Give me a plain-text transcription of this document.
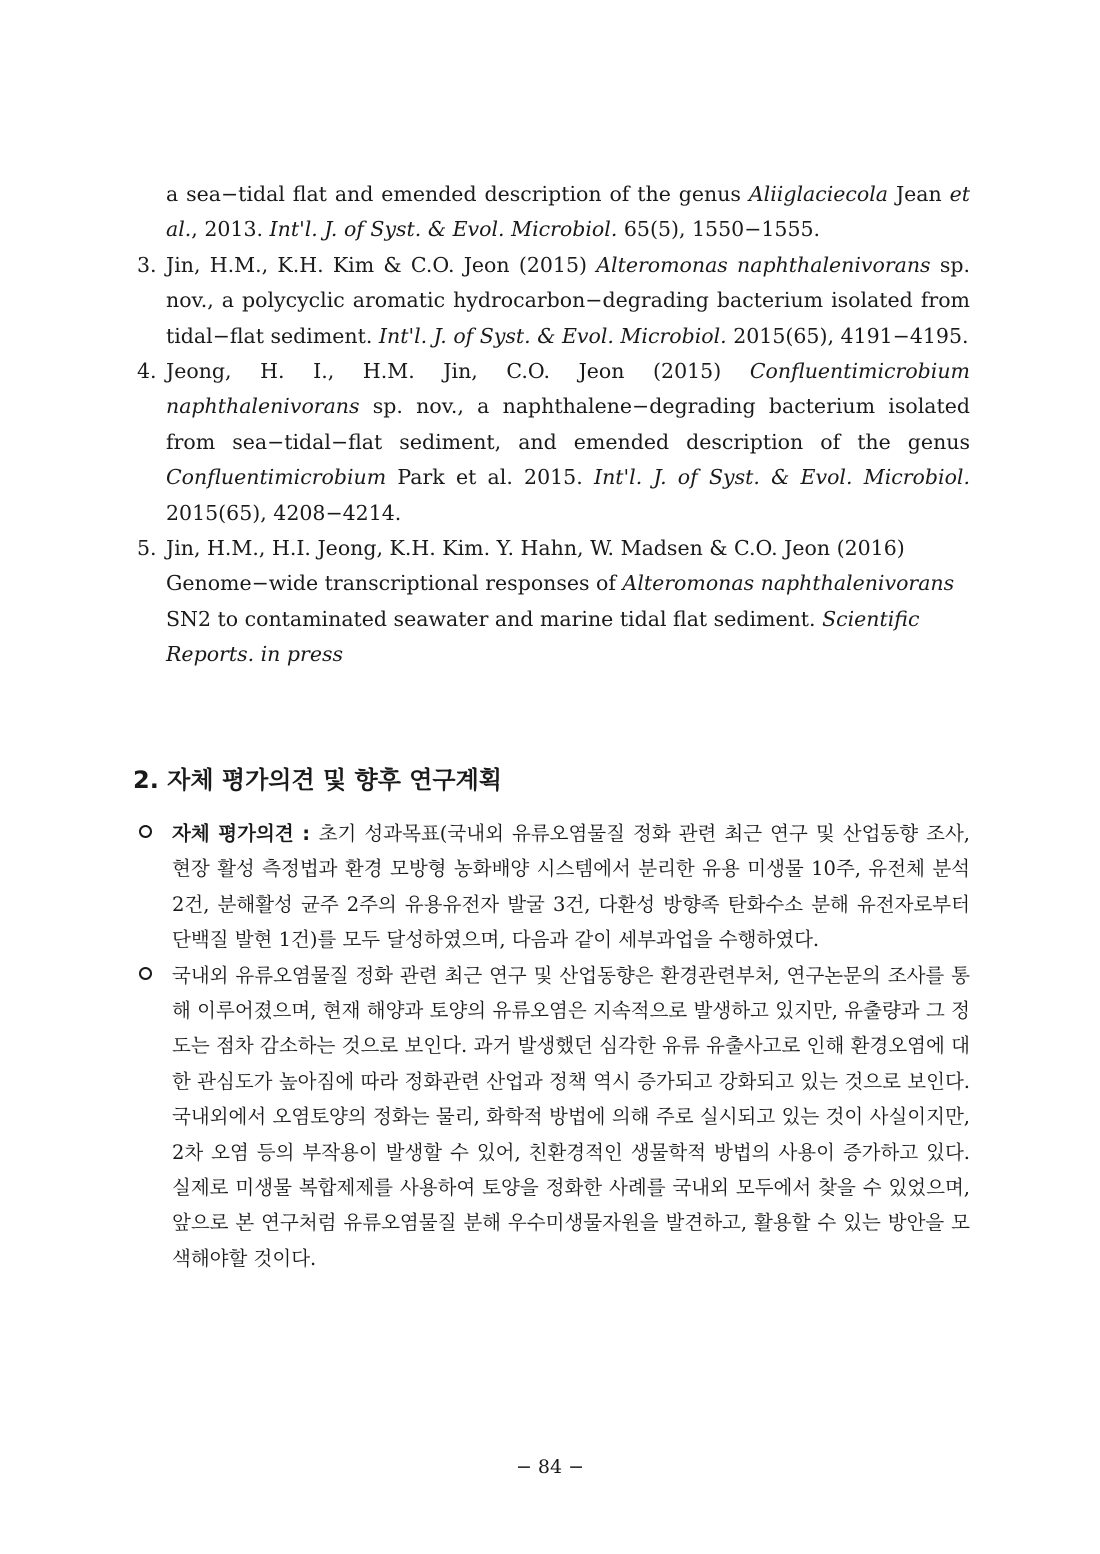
a sea−tidal flat and emended description of the genus Aliiglaciecola Jean et al., 2013. Int'l. J. of Syst. & Evol. Microbiol. 65(5), 1550−1555.
3. Jin, H.M., K.H. Kim & C.O. Jeon (2015) Alteromonas naphthalenivorans sp. nov., a polycyclic aromatic hydrocarbon−degrading bacterium isolated from tidal−flat sediment. Int'l. J. of Syst. & Evol. Microbiol. 2015(65), 4191−4195.
4. Jeong, H. I., H.M. Jin, C.O. Jeon (2015) Confluentimicrobium naphthalenivorans sp. nov., a naphthalene−degrading bacterium isolated from sea−tidal−flat sediment, and emended description of the genus Confluentimicrobium Park et al. 2015. Int'l. J. of Syst. & Evol. Microbiol. 2015(65), 4208−4214.
5. Jin, H.M., H.I. Jeong, K.H. Kim. Y. Hahn, W. Madsen & C.O. Jeon (2016) Genome−wide transcriptional responses of Alteromonas naphthalenivorans SN2 to contaminated seawater and marine tidal flat sediment. Scientific Reports. in press
2. 자체 평가의견 및 향후 연구계획
자체 평가의견 : 초기 성과목표(국내외 유류오염물질 정화 관련 최근 연구 및 산업동향 조사, 현장 활성 측정법과 환경 모방형 농화배양 시스템에서 분리한 유용 미생물 10주, 유전체 분석 2건, 분해활성 균주 2주의 유용유전자 발굴 3건, 다환성 방향족 탄화수소 분해 유전자로부터 단백질 발현 1건)를 모두 달성하였으며, 다음과 같이 세부과업을 수행하였다.
국내외 유류오염물질 정화 관련 최근 연구 및 산업동향은 환경관련부처, 연구논문의 조사를 통해 이루어졌으며, 현재 해양과 토양의 유류오염은 지속적으로 발생하고 있지만, 유출량과 그 정도는 점차 감소하는 것으로 보인다. 과거 발생했던 심각한 유류 유출사고로 인해 환경오염에 대한 관심도가 높아짐에 따라 정화관련 산업과 정책 역시 증가되고 강화되고 있는 것으로 보인다. 국내외에서 오염토양의 정화는 물리, 화학적 방법에 의해 주로 실시되고 있는 것이 사실이지만, 2차 오염 등의 부작용이 발생할 수 있어, 친환경적인 생물학적 방법의 사용이 증가하고 있다. 실제로 미생물 복합제제를 사용하여 토양을 정화한 사례를 국내외 모두에서 찾을 수 있었으며, 앞으로 본 연구처럼 유류오염물질 분해 우수미생물자원을 발견하고, 활용할 수 있는 방안을 모색해야할 것이다.
− 84 −
